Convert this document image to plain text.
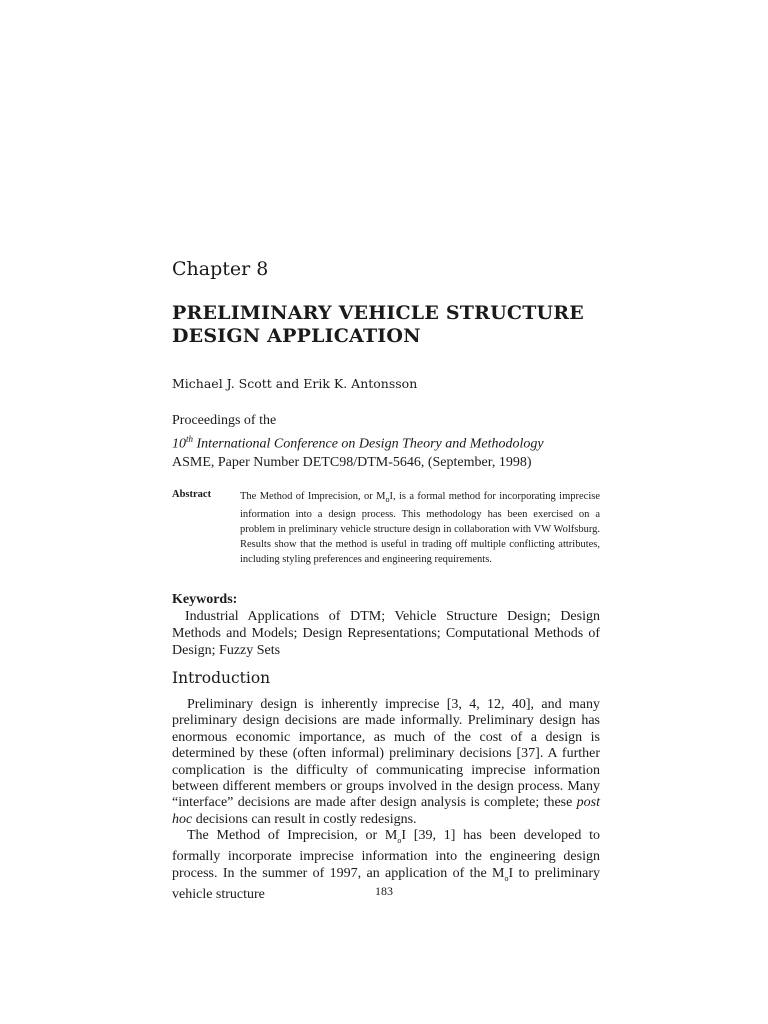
Chapter 8
PRELIMINARY VEHICLE STRUCTURE
DESIGN APPLICATION
Michael J. Scott and Erik K. Antonsson
Proceedings of the
10th International Conference on Design Theory and Methodology
ASME, Paper Number DETC98/DTM-5646, (September, 1998)
Abstract	The Method of Imprecision, or $M_oI$, is a formal method for incorporating imprecise information into a design process. This methodology has been exercised on a problem in preliminary vehicle structure design in collaboration with VW Wolfsburg. Results show that the method is useful in trading off multiple conflicting attributes, including styling preferences and engineering requirements.
Keywords:
Industrial Applications of DTM; Vehicle Structure Design; Design Methods and Models; Design Representations; Computational Methods of Design; Fuzzy Sets
Introduction

Preliminary design is inherently imprecise [3, 4, 12, 40], and many preliminary design decisions are made informally. Preliminary design has enormous economic importance, as much of the cost of a design is determined by these (often informal) preliminary decisions [37]. A further complication is the difficulty of communicating imprecise information between different members or groups involved in the design process. Many “interface” decisions are made after design analysis is complete; these post hoc decisions can result in costly redesigns.

The Method of Imprecision, or $M_oI$ [39, 1] has been developed to formally incorporate imprecise information into the engineering design process. In the summer of 1997, an application of the $M_oI$ to preliminary vehicle structure	183
